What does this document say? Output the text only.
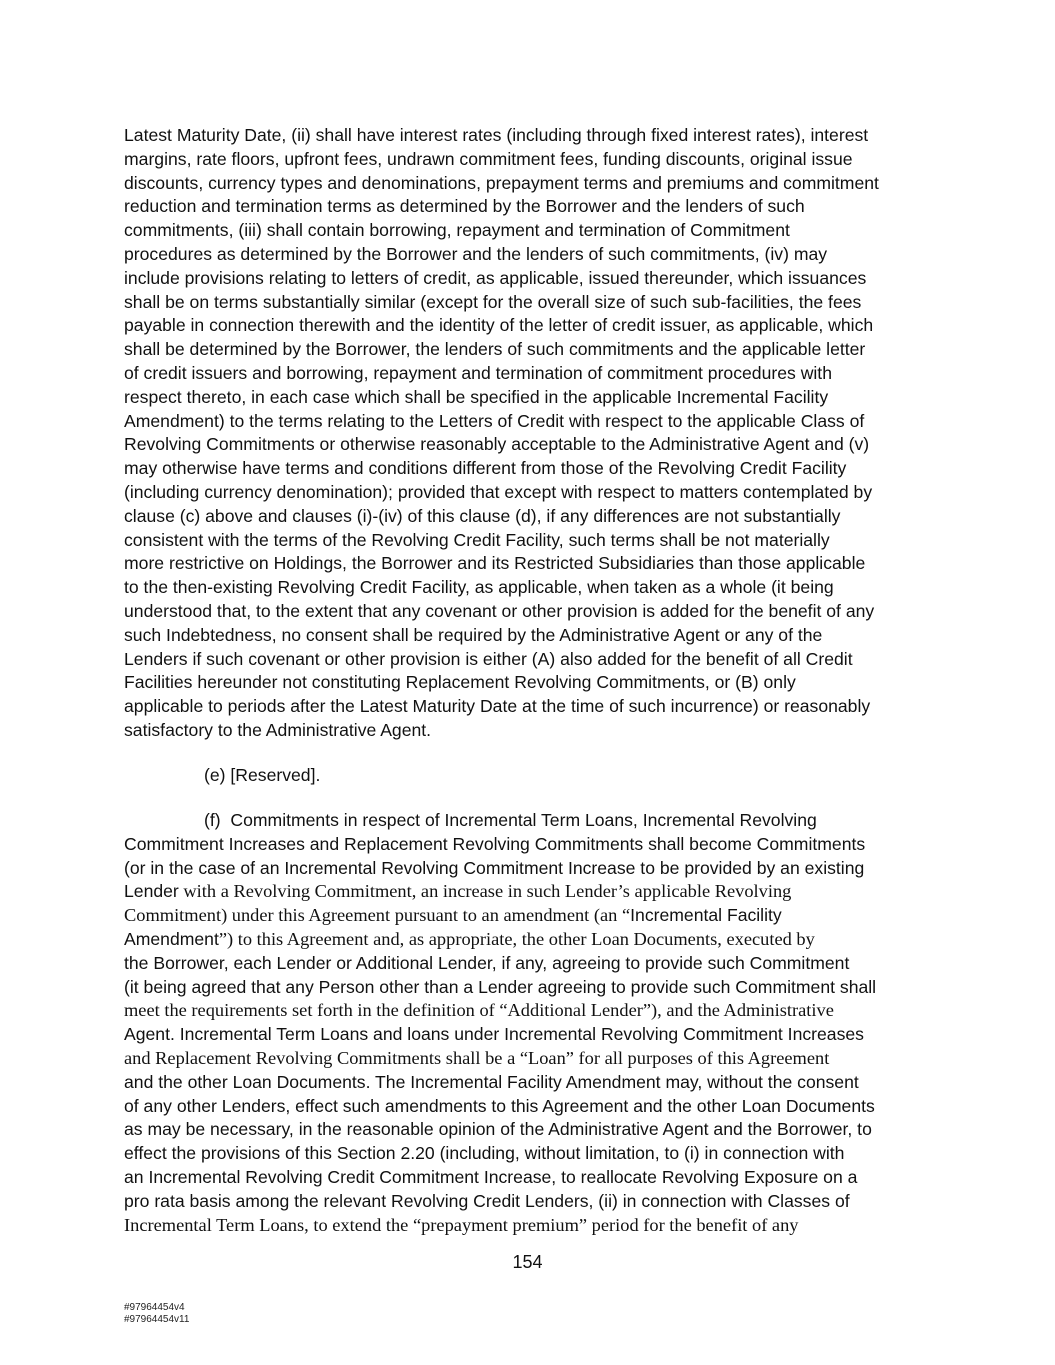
Latest Maturity Date, (ii) shall have interest rates (including through fixed interest rates), interest
margins, rate floors, upfront fees, undrawn commitment fees, funding discounts, original issue
discounts, currency types and denominations, prepayment terms and premiums and commitment
reduction and termination terms as determined by the Borrower and the lenders of such
commitments, (iii) shall contain borrowing, repayment and termination of Commitment
procedures as determined by the Borrower and the lenders of such commitments, (iv) may
include provisions relating to letters of credit, as applicable, issued thereunder, which issuances
shall be on terms substantially similar (except for the overall size of such sub-facilities, the fees
payable in connection therewith and the identity of the letter of credit issuer, as applicable, which
shall be determined by the Borrower, the lenders of such commitments and the applicable letter
of credit issuers and borrowing, repayment and termination of commitment procedures with
respect thereto, in each case which shall be specified in the applicable Incremental Facility
Amendment) to the terms relating to the Letters of Credit with respect to the applicable Class of
Revolving Commitments or otherwise reasonably acceptable to the Administrative Agent and (v)
may otherwise have terms and conditions different from those of the Revolving Credit Facility
(including currency denomination); provided that except with respect to matters contemplated by
clause (c) above and clauses (i)-(iv) of this clause (d), if any differences are not substantially
consistent with the terms of the Revolving Credit Facility, such terms shall be not materially
more restrictive on Holdings, the Borrower and its Restricted Subsidiaries than those applicable
to the then-existing Revolving Credit Facility, as applicable, when taken as a whole (it being
understood that, to the extent that any covenant or other provision is added for the benefit of any
such Indebtedness, no consent shall be required by the Administrative Agent or any of the
Lenders if such covenant or other provision is either (A) also added for the benefit of all Credit
Facilities hereunder not constituting Replacement Revolving Commitments, or (B) only
applicable to periods after the Latest Maturity Date at the time of such incurrence) or reasonably
satisfactory to the Administrative Agent.
(e) [Reserved].
(f) Commitments in respect of Incremental Term Loans, Incremental Revolving
Commitment Increases and Replacement Revolving Commitments shall become Commitments
(or in the case of an Incremental Revolving Commitment Increase to be provided by an existing
Lender with a Revolving Commitment, an increase in such Lender’s applicable Revolving
Commitment) under this Agreement pursuant to an amendment (an “Incremental Facility
Amendment”) to this Agreement and, as appropriate, the other Loan Documents, executed by
the Borrower, each Lender or Additional Lender, if any, agreeing to provide such Commitment
(it being agreed that any Person other than a Lender agreeing to provide such Commitment shall
meet the requirements set forth in the definition of “Additional Lender”), and the Administrative
Agent. Incremental Term Loans and loans under Incremental Revolving Commitment Increases
and Replacement Revolving Commitments shall be a “Loan” for all purposes of this Agreement
and the other Loan Documents. The Incremental Facility Amendment may, without the consent
of any other Lenders, effect such amendments to this Agreement and the other Loan Documents
as may be necessary, in the reasonable opinion of the Administrative Agent and the Borrower, to
effect the provisions of this Section 2.20 (including, without limitation, to (i) in connection with
an Incremental Revolving Credit Commitment Increase, to reallocate Revolving Exposure on a
pro rata basis among the relevant Revolving Credit Lenders, (ii) in connection with Classes of
Incremental Term Loans, to extend the “prepayment premium” period for the benefit of any
154
#97964454v4
#97964454v11
